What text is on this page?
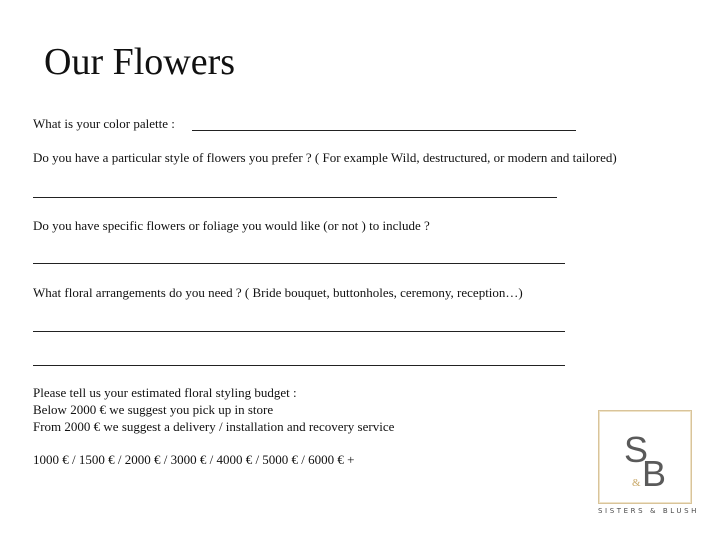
Our Flowers
What is your color palette :
Do you have a particular style of flowers you prefer ? ( For example Wild, destructured, or modern and tailored)
Do you have specific flowers or foliage you would like (or not ) to include ?
What floral arrangements do you need ? ( Bride bouquet, buttonholes, ceremony, reception…)
Please tell us your estimated floral styling budget :
Below 2000 € we suggest you pick up in store
From 2000 € we suggest a delivery / installation and recovery service
1000 € / 1500 € / 2000 € / 3000 € / 4000 € / 5000 € / 6000 € +	S
B
&
SISTERS & BLUSH
